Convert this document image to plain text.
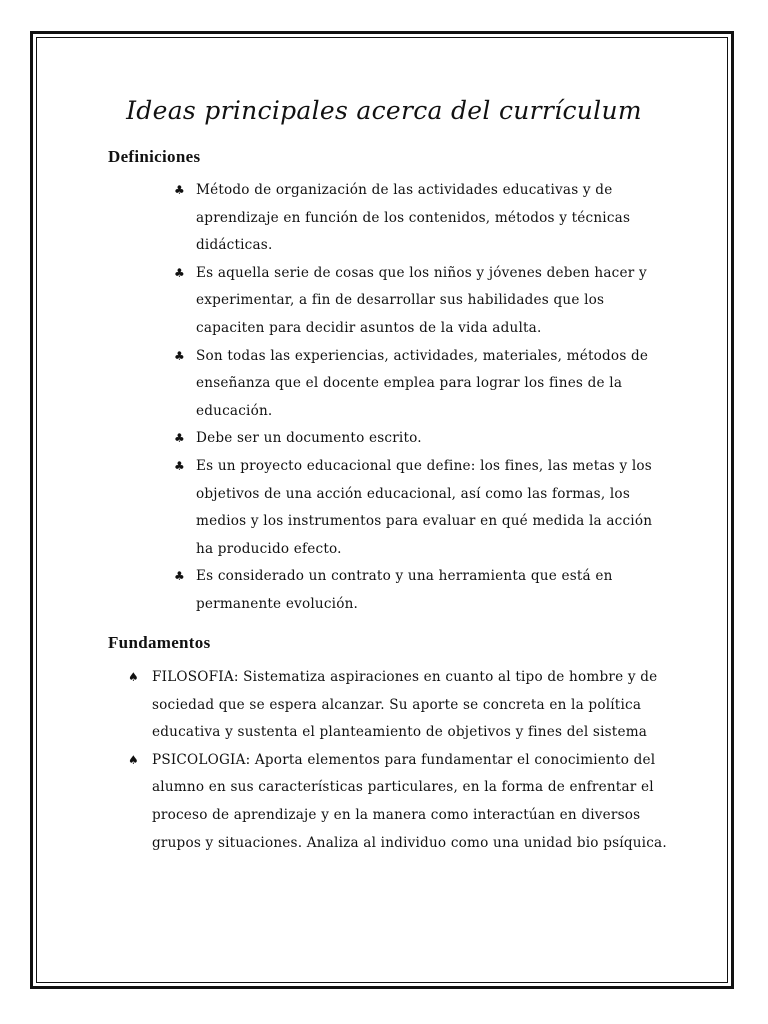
Ideas principales acerca del currículum
Definiciones
♣ Método de organización de las actividades educativas y de aprendizaje en función de los contenidos, métodos y técnicas didácticas.
♣ Es aquella serie de cosas que los niños y jóvenes deben hacer y experimentar, a fin de desarrollar sus habilidades que los capaciten para decidir asuntos de la vida adulta.
♣ Son todas las experiencias, actividades, materiales, métodos de enseñanza que el docente emplea para lograr los fines de la educación.
♣ Debe ser un documento escrito.
♣ Es un proyecto educacional que define: los fines, las metas y los objetivos de una acción educacional, así como las formas, los medios y los instrumentos para evaluar en qué medida la acción ha producido efecto.
♣ Es considerado un contrato y una herramienta que está en permanente evolución.
Fundamentos
♠ FILOSOFIA: Sistematiza aspiraciones en cuanto al tipo de hombre y de sociedad que se espera alcanzar. Su aporte se concreta en la política educativa y sustenta el planteamiento de objetivos y fines del sistema
♠ PSICOLOGIA: Aporta elementos para fundamentar el conocimiento del alumno en sus características particulares, en la forma de enfrentar el proceso de aprendizaje y en la manera como interactúan en diversos grupos y situaciones. Analiza al individuo como una unidad bio psíquica.
